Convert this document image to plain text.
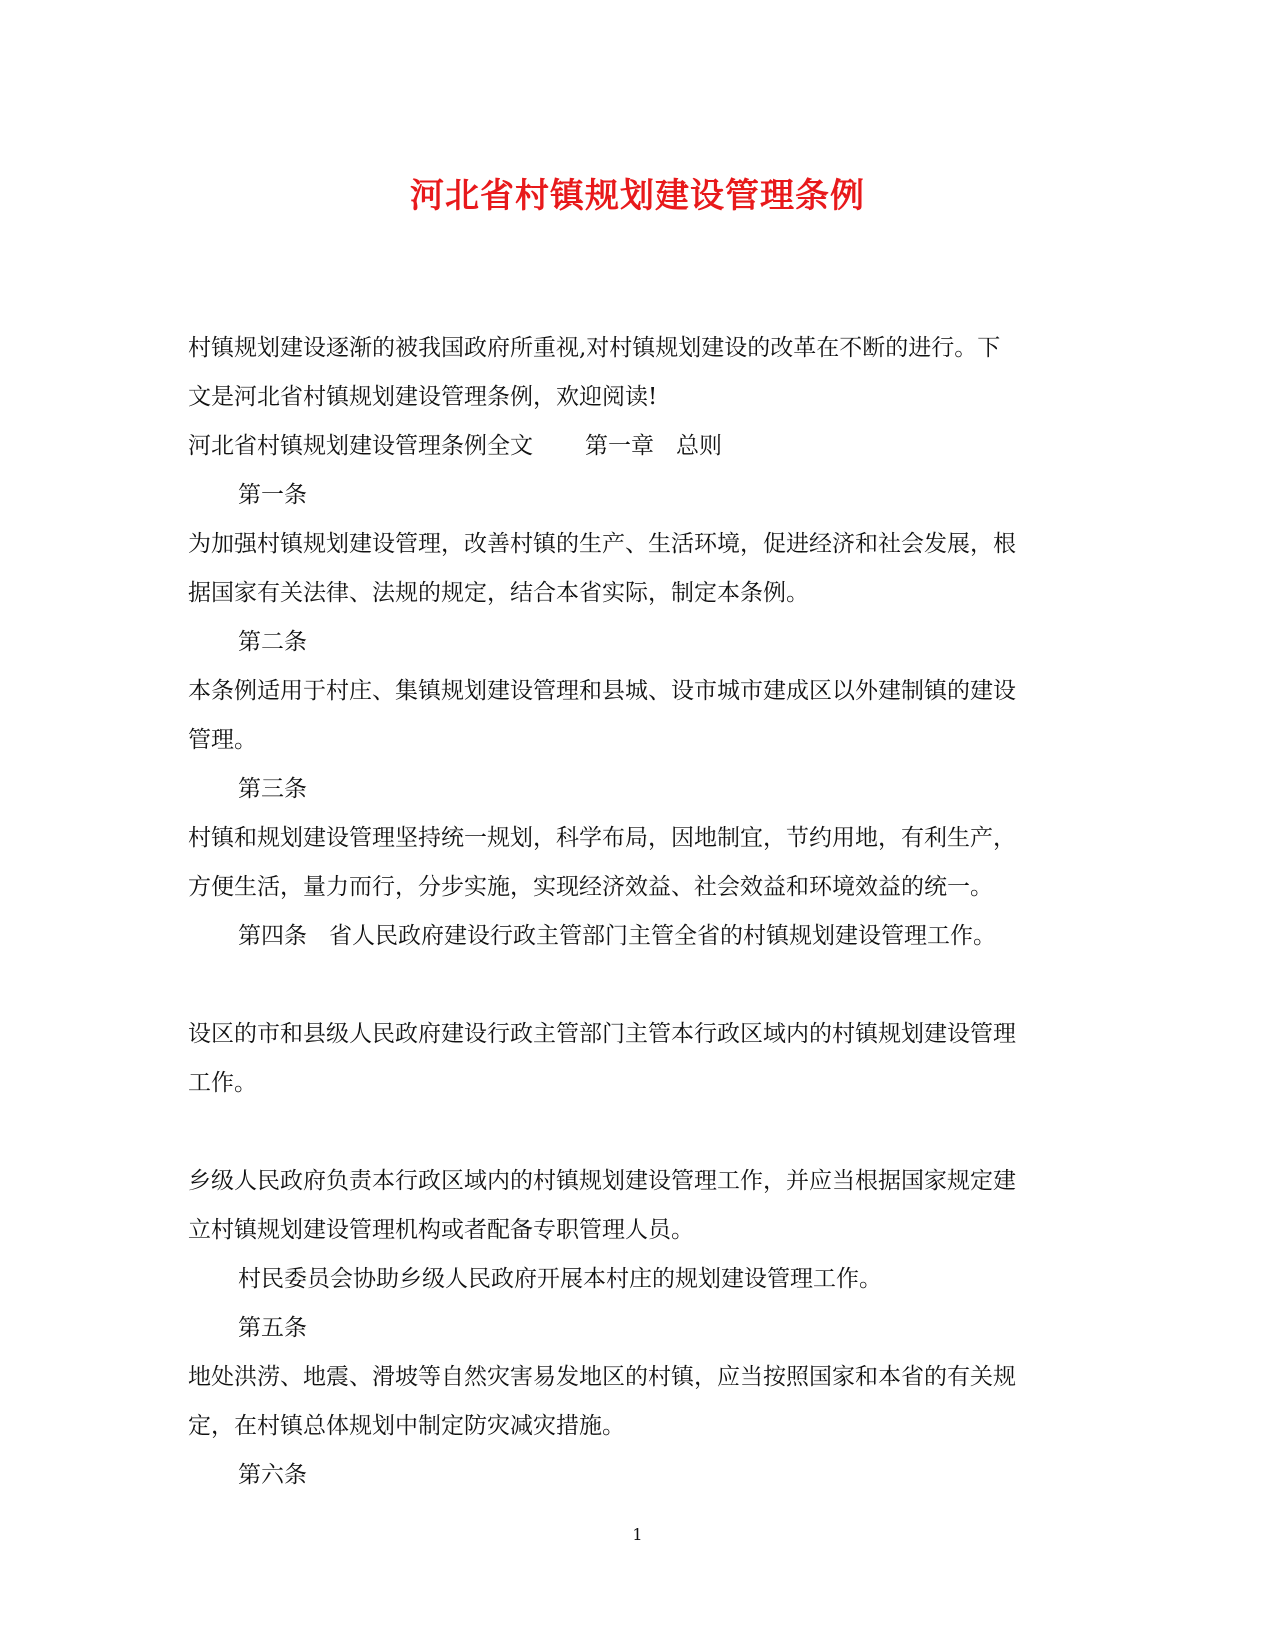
河北省村镇规划建设管理条例

村镇规划建设逐渐的被我国政府所重视,对村镇规划建设的改革在不断的进行。下

文是河北省村镇规划建设管理条例，欢迎阅读!

河北省村镇规划建设管理条例全文 第一章 总则

第一条

为加强村镇规划建设管理，改善村镇的生产、生活环境，促进经济和社会发展，根

据国家有关法律、法规的规定，结合本省实际，制定本条例。

第二条

本条例适用于村庄、集镇规划建设管理和县城、设市城市建成区以外建制镇的建设

管理。

第三条

村镇和规划建设管理坚持统一规划，科学布局，因地制宜，节约用地，有利生产，

方便生活，量力而行，分步实施，实现经济效益、社会效益和环境效益的统一。

第四条 省人民政府建设行政主管部门主管全省的村镇规划建设管理工作。

设区的市和县级人民政府建设行政主管部门主管本行政区域内的村镇规划建设管理

工作。

乡级人民政府负责本行政区域内的村镇规划建设管理工作，并应当根据国家规定建

立村镇规划建设管理机构或者配备专职管理人员。

村民委员会协助乡级人民政府开展本村庄的规划建设管理工作。

第五条

地处洪涝、地震、滑坡等自然灾害易发地区的村镇，应当按照国家和本省的有关规

定，在村镇总体规划中制定防灾减灾措施。

第六条

1
